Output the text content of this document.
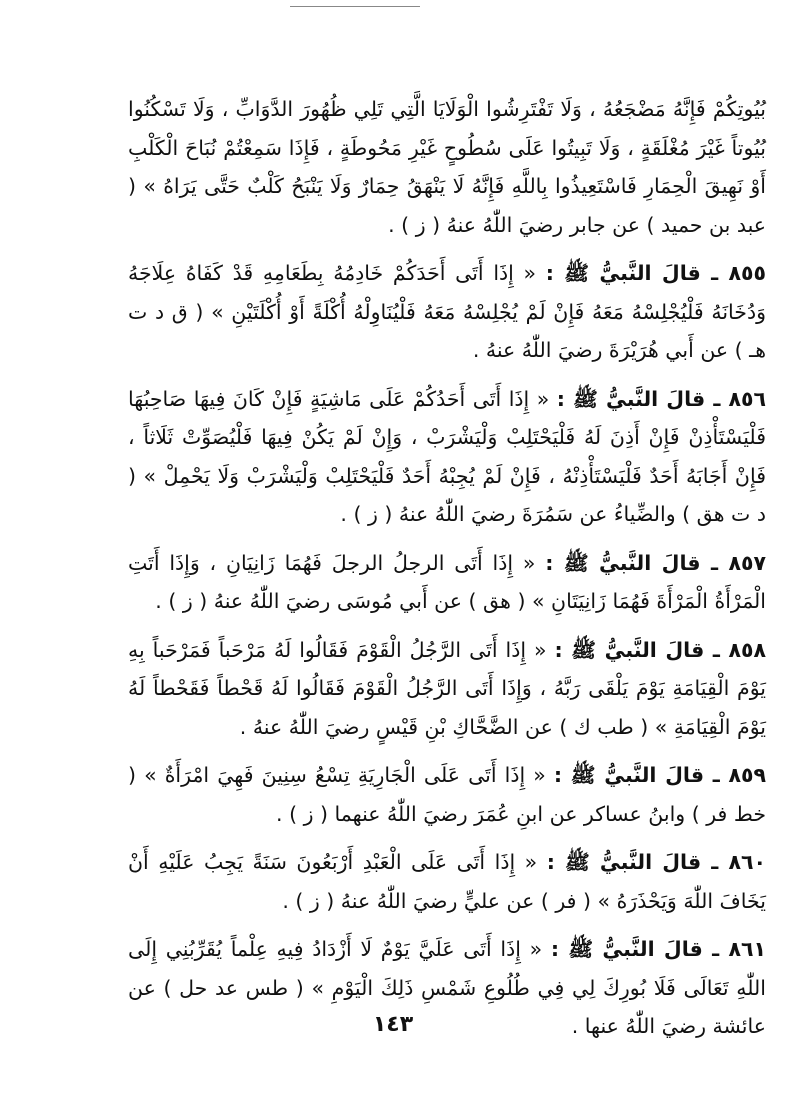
بُيُوتِكُمْ فَإِنَّهُ مَضْجَعُهُ ، وَلَا تَفْتَرِشُوا الْوَلَايَا الَّتِي تَلِي ظُهُورَ الدَّوَابِّ ، وَلَا تَسْكُنُوا بُيُوتاً غَيْرَ مُغْلَقَةٍ ، وَلَا تَبِيتُوا عَلَى سُطُوحٍ غَيْرِ مَحُوطَةٍ ، فَإِذَا سَمِعْتُمْ نُبَاحَ الْكَلْبِ أَوْ نَهِيقَ الْحِمَارِ فَاسْتَعِيذُوا بِاللَّهِ فَإِنَّهُ لَا يَنْهَقُ حِمَارٌ وَلَا يَنْبَحُ كَلْبٌ حَتَّى يَرَاهُ » ( عبد بن حميد ) عن جابر رضيَ اللّٰهُ عنهُ ( ز ) .

٨٥٥ ـ قالَ النَّبيُّ ﷺ : « إِذَا أَتَى أَحَدَكُمْ خَادِمُهُ بِطَعَامِهِ قَدْ كَفَاهُ عِلَاجَهُ وَدُخَانَهُ فَلْيُجْلِسْهُ مَعَهُ فَإِنْ لَمْ يُجْلِسْهُ مَعَهُ فَلْيُنَاوِلْهُ أُكْلَةً أَوْ أُكْلَتَيْنِ » ( ق د ت هـ ) عن أَبي هُرَيْرَةَ رضيَ اللّٰهُ عنهُ .

٨٥٦ ـ قالَ النَّبيُّ ﷺ : « إِذَا أَتَى أَحَدُكُمْ عَلَى مَاشِيَةٍ فَإِنْ كَانَ فِيهَا صَاحِبُهَا فَلْيَسْتَأْذِنْ فَإِنْ أَذِنَ لَهُ فَلْيَحْتَلِبْ وَلْيَشْرَبْ ، وَإِنْ لَمْ يَكُنْ فِيهَا فَلْيُصَوِّتْ ثَلَاثاً ، فَإِنْ أَجَابَهُ أَحَدٌ فَلْيَسْتَأْذِنْهُ ، فَإِنْ لَمْ يُجِبْهُ أَحَدٌ فَلْيَحْتَلِبْ وَلْيَشْرَبْ وَلَا يَحْمِلْ » ( د ت هق ) والضِّياءُ عن سَمُرَةَ رضيَ اللّٰهُ عنهُ ( ز ) .

٨٥٧ ـ قالَ النَّبيُّ ﷺ : « إِذَا أَتَى الرجلُ الرجلَ فَهُمَا زَانِيَانِ ، وَإِذَا أَتَتِ الْمَرْأَةُ الْمَرْأَةَ فَهُمَا زَانِيَتَانِ » ( هق ) عن أَبي مُوسَى رضيَ اللّٰهُ عنهُ ( ز ) .

٨٥٨ ـ قالَ النَّبيُّ ﷺ : « إِذَا أَتَى الرَّجُلُ الْقَوْمَ فَقَالُوا لَهُ مَرْحَباً فَمَرْحَباً بِهِ يَوْمَ الْقِيَامَةِ يَوْمَ يَلْقَى رَبَّهُ ، وَإِذَا أَتَى الرَّجُلُ الْقَوْمَ فَقَالُوا لَهُ قَحْطاً فَقَحْطاً لَهُ يَوْمَ الْقِيَامَةِ » ( طب ك ) عن الضَّحَّاكِ بْنِ قَيْسٍ رضيَ اللّٰهُ عنهُ .

٨٥٩ ـ قالَ النَّبيُّ ﷺ : « إِذَا أَتَى عَلَى الْجَارِيَةِ تِسْعُ سِنِينَ فَهِيَ امْرَأَةٌ » ( خط فر ) وابنُ عساكر عن ابنِ عُمَرَ رضيَ اللّٰهُ عنهما ( ز ) .

٨٦٠ ـ قالَ النَّبيُّ ﷺ : « إِذَا أَتَى عَلَى الْعَبْدِ أَرْبَعُونَ سَنَةً يَجِبُ عَلَيْهِ أَنْ يَخَافَ اللّٰهَ وَيَحْذَرَهُ » ( فر ) عن عليٍّ رضيَ اللّٰهُ عنهُ ( ز ) .

٨٦١ ـ قالَ النَّبيُّ ﷺ : « إِذَا أَتَى عَلَيَّ يَوْمٌ لَا أَزْدَادُ فِيهِ عِلْماً يُقَرِّبُنِي إِلَى اللّٰهِ تَعَالَى فَلَا بُورِكَ لِي فِي طُلُوعِ شَمْسِ ذَلِكَ الْيَوْمِ » ( طس عد حل ) عن عائشة رضيَ اللّٰهُ عنها .

١٤٣
